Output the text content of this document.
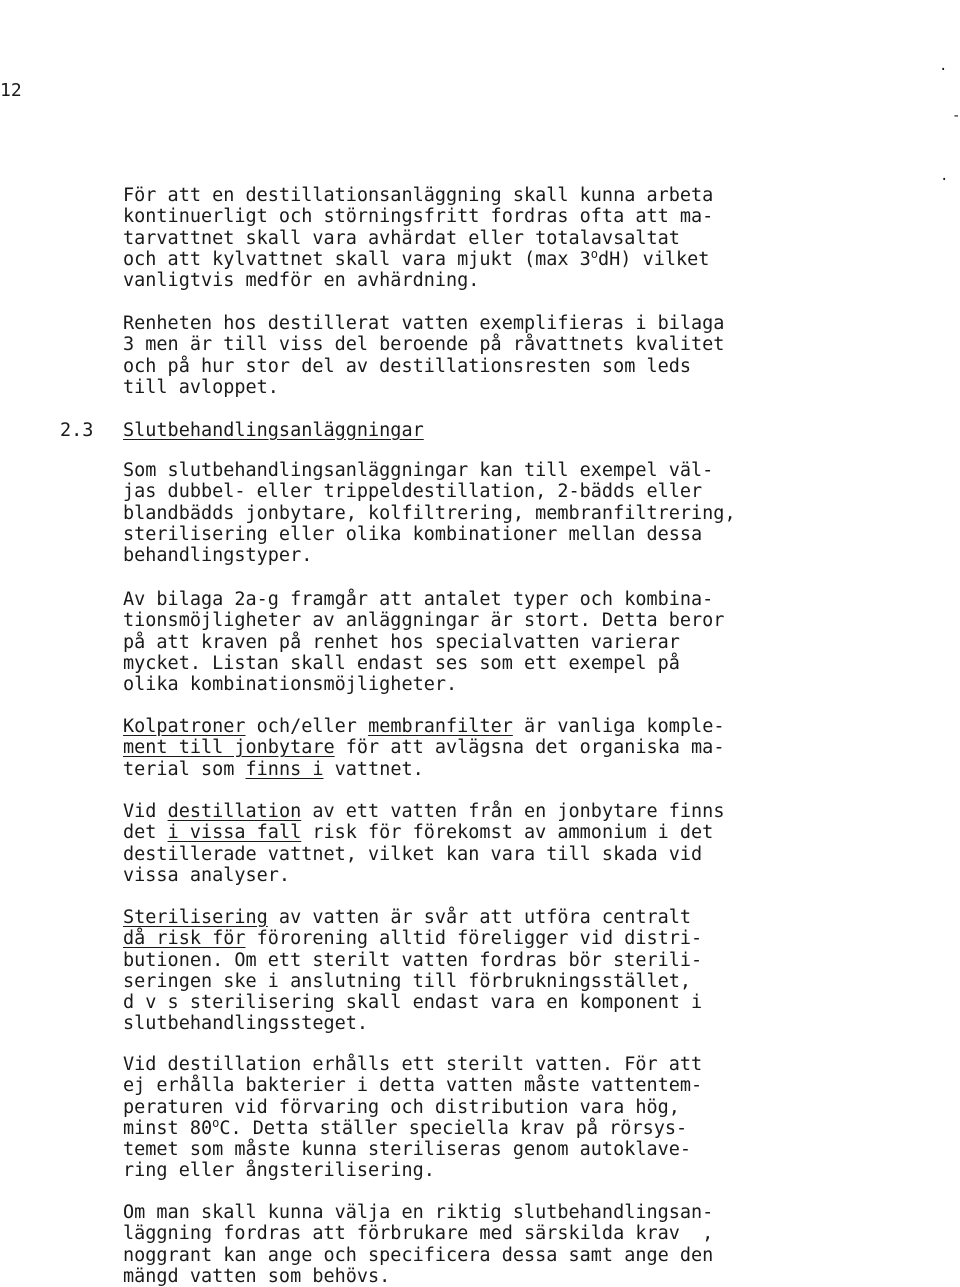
12
.
-
.
För att en destillationsanläggning skall kunna arbeta
kontinuerligt och störningsfritt fordras ofta att ma-
tarvattnet skall vara avhärdat eller totalavsaltat
och att kylvattnet skall vara mjukt (max 3$^o$dH) vilket
vanligtvis medför en avhärdning.
Renheten hos destillerat vatten exemplifieras i bilaga
3 men är till viss del beroende på råvattnets kvalitet
och på hur stor del av destillationsresten som leds
till avloppet.
2.3 Slutbehandlingsanläggningar
Som slutbehandlingsanläggningar kan till exempel väl-
jas dubbel- eller trippeldestillation, 2-bädds eller
blandbädds jonbytare, kolfiltrering, membranfiltrering,
sterilisering eller olika kombinationer mellan dessa
behandlingstyper.
Av bilaga 2a-g framgår att antalet typer och kombina-
tionsmöjligheter av anläggningar är stort. Detta beror
på att kraven på renhet hos specialvatten varierar
mycket. Listan skall endast ses som ett exempel på
olika kombinationsmöjligheter.
Kolpatroner och/eller membranfilter är vanliga komple-
ment till jonbytare för att avlägsna det organiska ma-
terial som finns i vattnet.
Vid destillation av ett vatten från en jonbytare finns
det i vissa fall risk för förekomst av ammonium i det
destillerade vattnet, vilket kan vara till skada vid
vissa analyser.
Sterilisering av vatten är svår att utföra centralt
då risk för förorening alltid föreligger vid distri-
butionen. Om ett sterilt vatten fordras bör sterili-
seringen ske i anslutning till förbrukningsstället,
d v s sterilisering skall endast vara en komponent i
slutbehandlingssteget.
Vid destillation erhålls ett sterilt vatten. För att
ej erhålla bakterier i detta vatten måste vattentem-
peraturen vid förvaring och distribution vara hög,
minst 80$^o$C. Detta ställer speciella krav på rörsys-
temet som måste kunna steriliseras genom autoklave-
ring eller ångsterilisering.
Om man skall kunna välja en riktig slutbehandlingsan-
läggning fordras att förbrukare med särskilda krav  ,
noggrant kan ange och specificera dessa samt ange den
mängd vatten som behövs.
